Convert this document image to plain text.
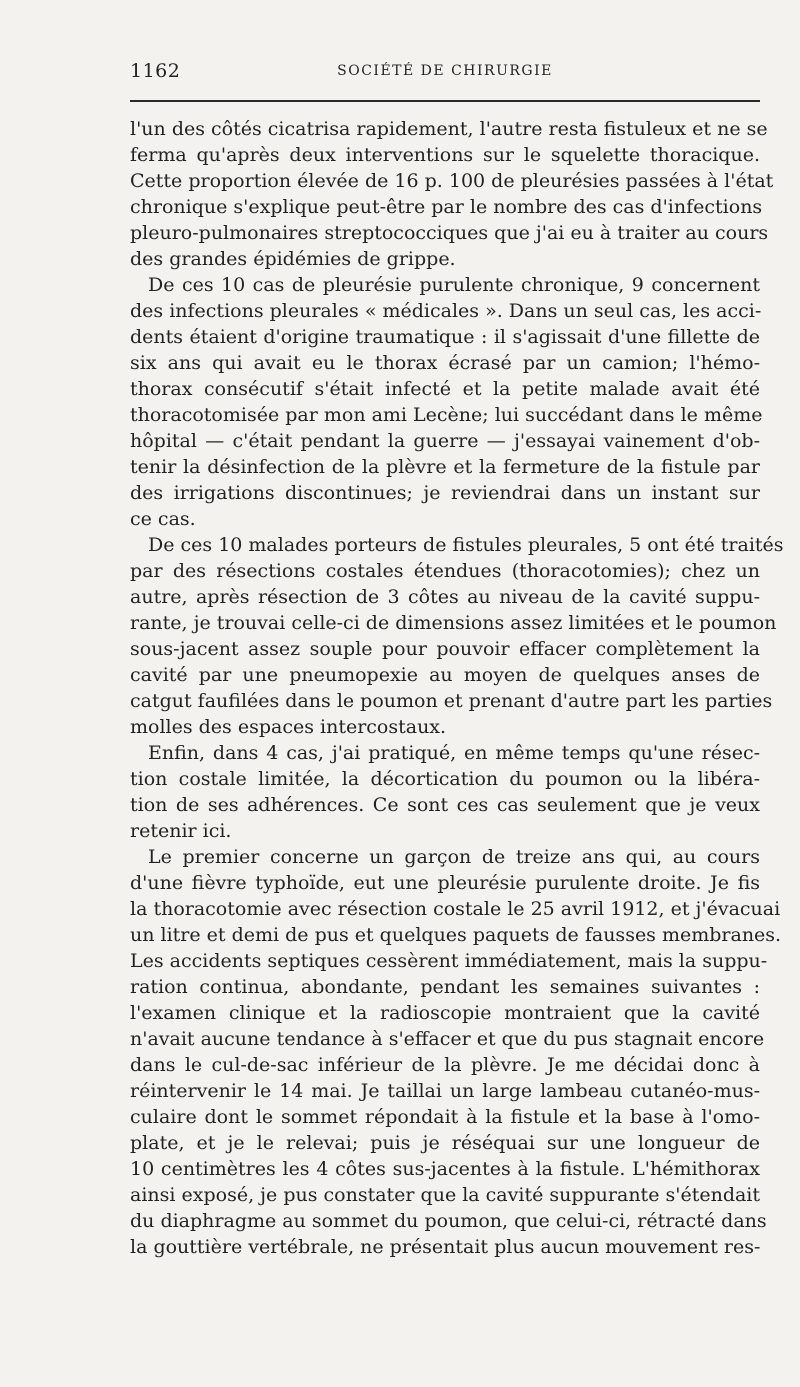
1162	SOCIÉTÉ DE CHIRURGIE
l'un des côtés cicatrisa rapidement, l'autre resta fistuleux et ne se
ferma qu'après deux interventions sur le squelette thoracique.
Cette proportion élevée de 16 p. 100 de pleurésies passées à l'état
chronique s'explique peut-être par le nombre des cas d'infections
pleuro-pulmonaires streptococciques que j'ai eu à traiter au cours
des grandes épidémies de grippe.
De ces 10 cas de pleurésie purulente chronique, 9 concernent
des infections pleurales « médicales ». Dans un seul cas, les acci-
dents étaient d'origine traumatique : il s'agissait d'une fillette de
six ans qui avait eu le thorax écrasé par un camion; l'hémo-
thorax consécutif s'était infecté et la petite malade avait été
thoracotomisée par mon ami Lecène; lui succédant dans le même
hôpital — c'était pendant la guerre — j'essayai vainement d'ob-
tenir la désinfection de la plèvre et la fermeture de la fistule par
des irrigations discontinues; je reviendrai dans un instant sur
ce cas.
De ces 10 malades porteurs de fistules pleurales, 5 ont été traités
par des résections costales étendues (thoracotomies); chez un
autre, après résection de 3 côtes au niveau de la cavité suppu-
rante, je trouvai celle-ci de dimensions assez limitées et le poumon
sous-jacent assez souple pour pouvoir effacer complètement la
cavité par une pneumopexie au moyen de quelques anses de
catgut faufilées dans le poumon et prenant d'autre part les parties
molles des espaces intercostaux.
Enfin, dans 4 cas, j'ai pratiqué, en même temps qu'une résec-
tion costale limitée, la décortication du poumon ou la libéra-
tion de ses adhérences. Ce sont ces cas seulement que je veux
retenir ici.
Le premier concerne un garçon de treize ans qui, au cours
d'une fièvre typhoïde, eut une pleurésie purulente droite. Je fis
la thoracotomie avec résection costale le 25 avril 1912, et j'évacuai
un litre et demi de pus et quelques paquets de fausses membranes.
Les accidents septiques cessèrent immédiatement, mais la suppu-
ration continua, abondante, pendant les semaines suivantes :
l'examen clinique et la radioscopie montraient que la cavité
n'avait aucune tendance à s'effacer et que du pus stagnait encore
dans le cul-de-sac inférieur de la plèvre. Je me décidai donc à
réintervenir le 14 mai. Je taillai un large lambeau cutanéo-mus-
culaire dont le sommet répondait à la fistule et la base à l'omo-
plate, et je le relevai; puis je réséquai sur une longueur de
10 centimètres les 4 côtes sus-jacentes à la fistule. L'hémithorax
ainsi exposé, je pus constater que la cavité suppurante s'étendait
du diaphragme au sommet du poumon, que celui-ci, rétracté dans
la gouttière vertébrale, ne présentait plus aucun mouvement res-
